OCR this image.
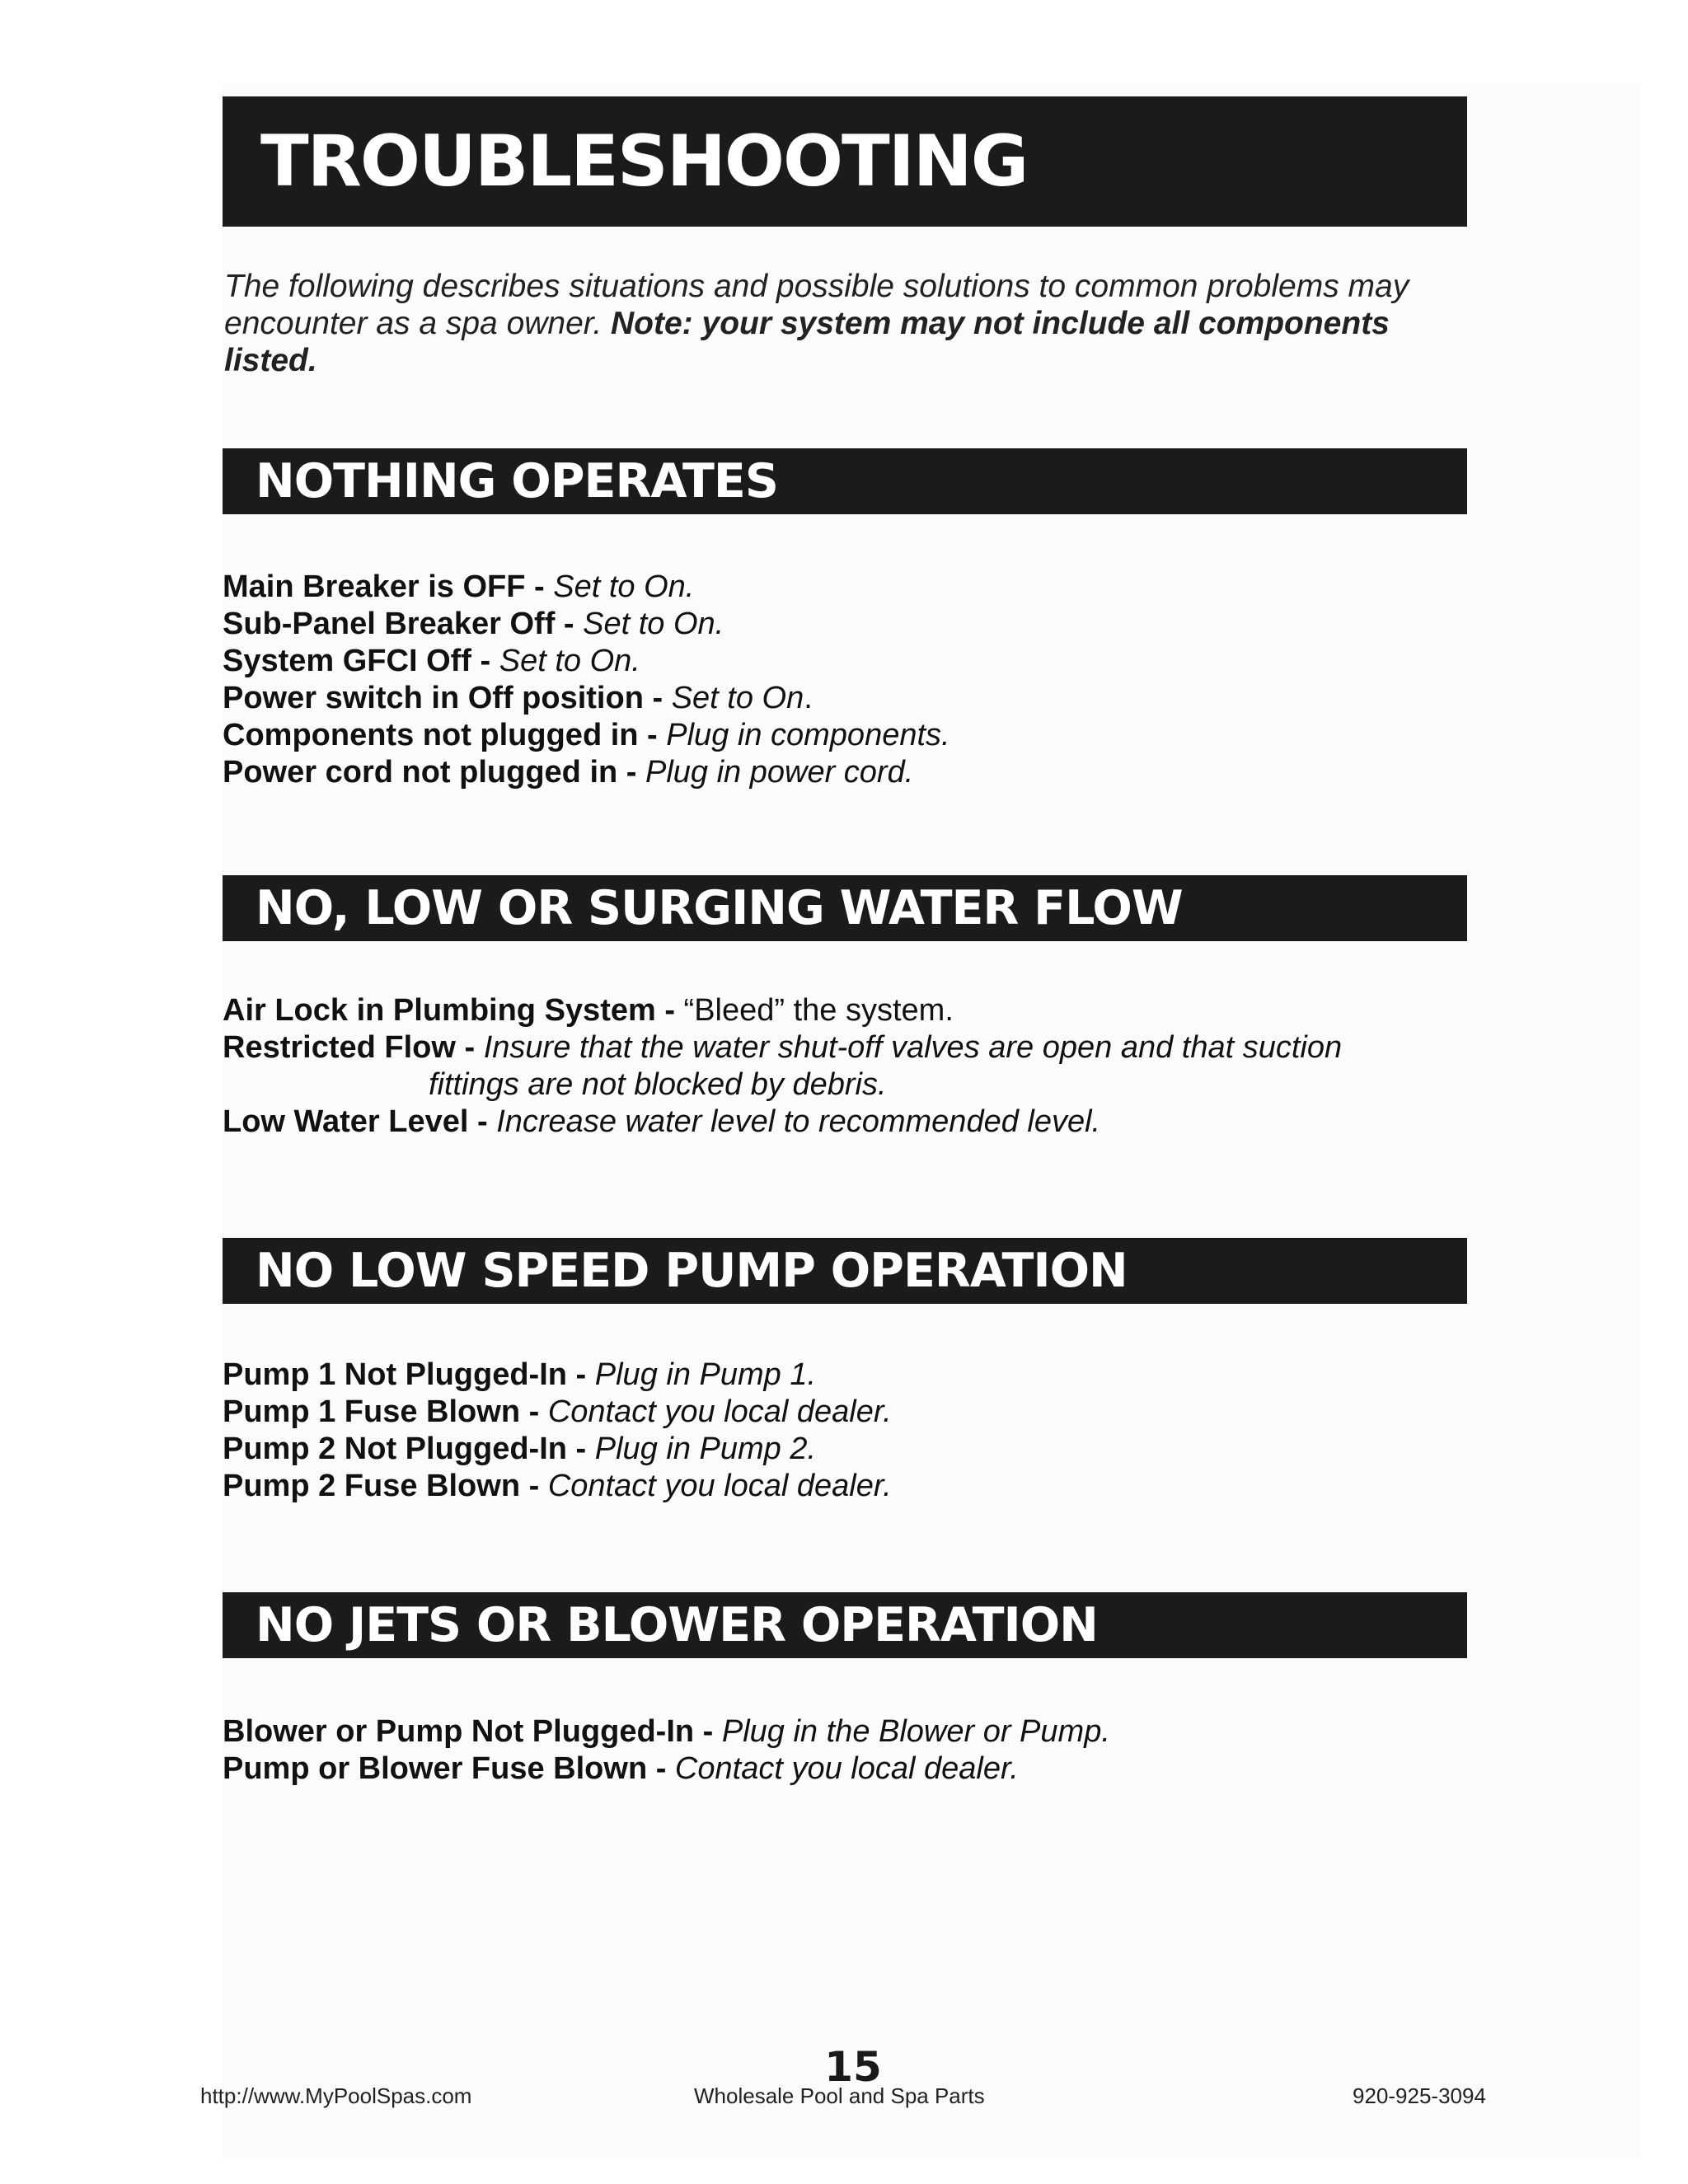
TROUBLESHOOTING
The following describes situations and possible solutions to common problems may encounter as a spa owner. Note: your system may not include all components listed.
NOTHING OPERATES

Main Breaker is OFF - Set to On.

Sub-Panel Breaker Off - Set to On.

System GFCI Off - Set to On.

Power switch in Off position - Set to On.

Components not plugged in - Plug in components.

Power cord not plugged in - Plug in power cord.

NO, LOW OR SURGING WATER FLOW

Air Lock in Plumbing System - “Bleed” the system.

Restricted Flow - Insure that the water shut-off valves are open and that suction
fittings are not blocked by debris.

Low Water Level - Increase water level to recommended level.

NO LOW SPEED PUMP OPERATION

Pump 1 Not Plugged-In - Plug in Pump 1.

Pump 1 Fuse Blown - Contact you local dealer.

Pump 2 Not Plugged-In - Plug in Pump 2.

Pump 2 Fuse Blown - Contact you local dealer.

NO JETS OR BLOWER OPERATION

Blower or Pump Not Plugged-In - Plug in the Blower or Pump.

Pump or Blower Fuse Blown - Contact you local dealer.

15
http://www.MyPoolSpas.com	Wholesale Pool and Spa Parts	920-925-3094
